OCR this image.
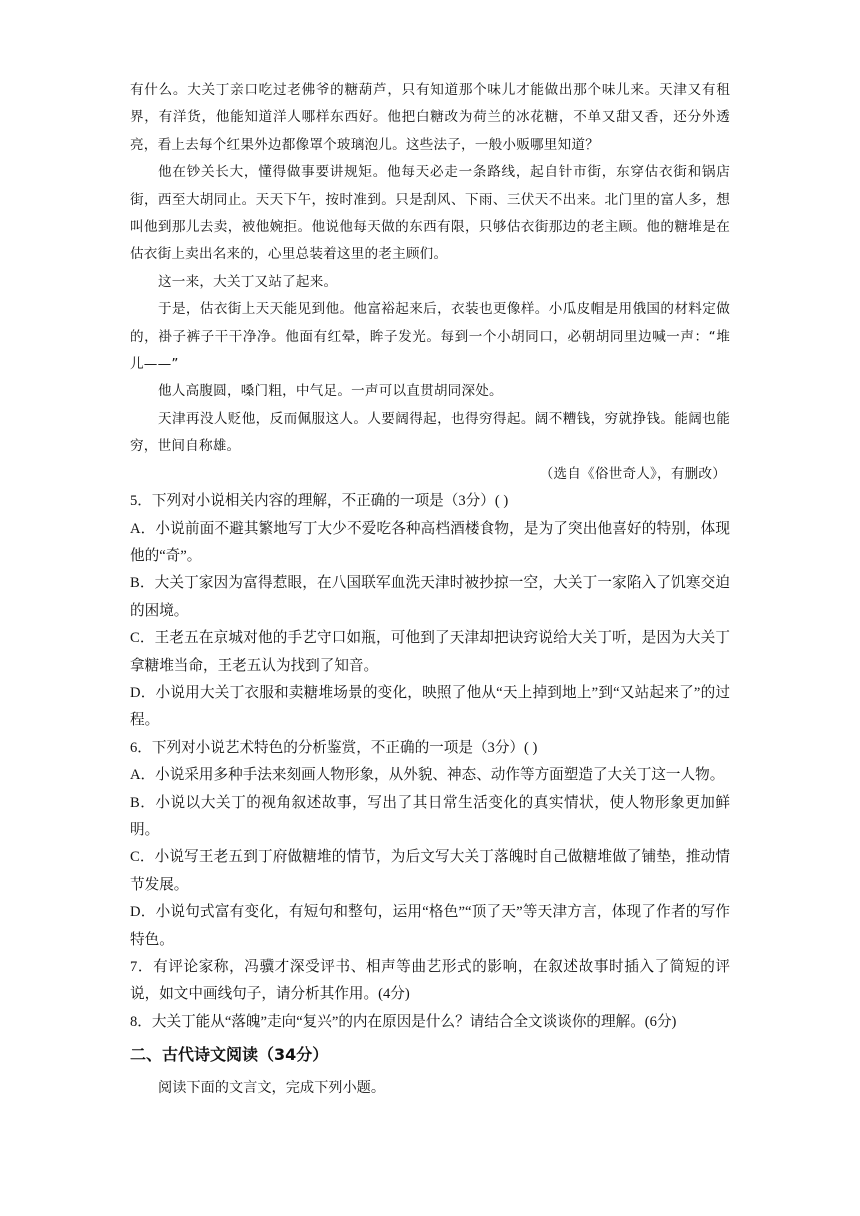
有什么。大关丁亲口吃过老佛爷的糖葫芦，只有知道那个味儿才能做出那个味儿来。天津又有租界，有洋货，他能知道洋人哪样东西好。他把白糖改为荷兰的冰花糖，不单又甜又香，还分外透亮，看上去每个红果外边都像罩个玻璃泡儿。这些法子，一般小贩哪里知道？

他在钞关长大，懂得做事要讲规矩。他每天必走一条路线，起自针市街，东穿估衣街和锅店街，西至大胡同止。天天下午，按时准到。只是刮风、下雨、三伏天不出来。北门里的富人多，想叫他到那儿去卖，被他婉拒。他说他每天做的东西有限，只够估衣街那边的老主顾。他的糖堆是在估衣街上卖出名来的，心里总装着这里的老主顾们。

这一来，大关丁又站了起来。

于是，估衣街上天天能见到他。他富裕起来后，衣装也更像样。小瓜皮帽是用俄国的材料定做的，褂子裤子干干净净。他面有红晕，眸子发光。每到一个小胡同口，必朝胡同里边喊一声：“堆儿——”

他人高腹圆，嗓门粗，中气足。一声可以直贯胡同深处。

天津再没人贬他，反而佩服这人。人要阔得起，也得穷得起。阔不糟钱，穷就挣钱。能阔也能穷，世间自称雄。

（选自《俗世奇人》，有删改）

5．下列对小说相关内容的理解，不正确的一项是（3分）( )

A．小说前面不避其繁地写丁大少不爱吃各种高档酒楼食物，是为了突出他喜好的特别，体现他的“奇”。

B．大关丁家因为富得惹眼，在八国联军血洗天津时被抄掠一空，大关丁一家陷入了饥寒交迫的困境。

C．王老五在京城对他的手艺守口如瓶，可他到了天津却把诀窍说给大关丁听，是因为大关丁拿糖堆当命，王老五认为找到了知音。

D．小说用大关丁衣服和卖糖堆场景的变化，映照了他从“天上掉到地上”到“又站起来了”的过程。

6．下列对小说艺术特色的分析鉴赏，不正确的一项是（3分）( )

A．小说采用多种手法来刻画人物形象，从外貌、神态、动作等方面塑造了大关丁这一人物。

B．小说以大关丁的视角叙述故事，写出了其日常生活变化的真实情状，使人物形象更加鲜明。

C．小说写王老五到丁府做糖堆的情节，为后文写大关丁落魄时自己做糖堆做了铺垫，推动情节发展。

D．小说句式富有变化，有短句和整句，运用“格色”“顶了天”等天津方言，体现了作者的写作特色。

7．有评论家称，冯骥才深受评书、相声等曲艺形式的影响，在叙述故事时插入了简短的评说，如文中画线句子，请分析其作用。(4分)

8．大关丁能从“落魄”走向“复兴”的内在原因是什么？请结合全文谈谈你的理解。(6分)

二、古代诗文阅读（34分）

阅读下面的文言文，完成下列小题。
